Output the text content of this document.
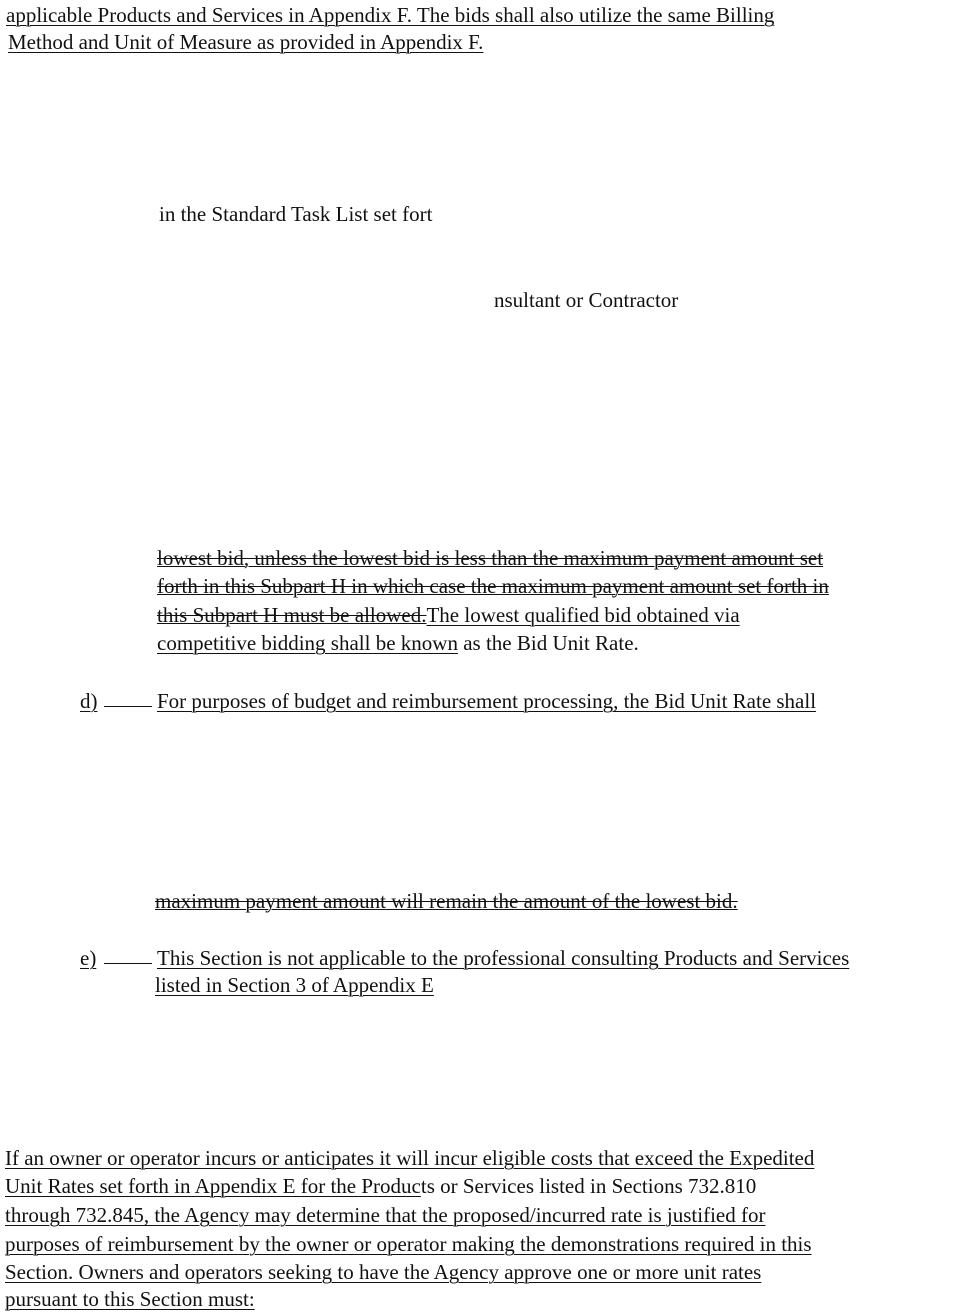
applicable Products and Services in Appendix F. The bids shall also utilize the same Billing
Method and Unit of Measure as provided in Appendix F.
in the Standard Task List set fort
nsultant or Contractor
lowest bid, unless the lowest bid is less than the maximum payment amount set
forth in this Subpart H in which case the maximum payment amount set forth in
this Subpart H must be allowed.The lowest qualified bid obtained via
competitive bidding shall be known as the Bid Unit Rate.
d)	For purposes of budget and reimbursement processing, the Bid Unit Rate shall
maximum payment amount will remain the amount of the lowest bid.
e)	This Section is not applicable to the professional consulting Products and Services
listed in Section 3 of Appendix E
If an owner or operator incurs or anticipates it will incur eligible costs that exceed the Expedited
Unit Rates set forth in Appendix E for the Products or Services listed in Sections 732.810
through 732.845, the Agency may determine that the proposed/incurred rate is justified for
purposes of reimbursement by the owner or operator making the demonstrations required in this
Section. Owners and operators seeking to have the Agency approve one or more unit rates
pursuant to this Section must:
